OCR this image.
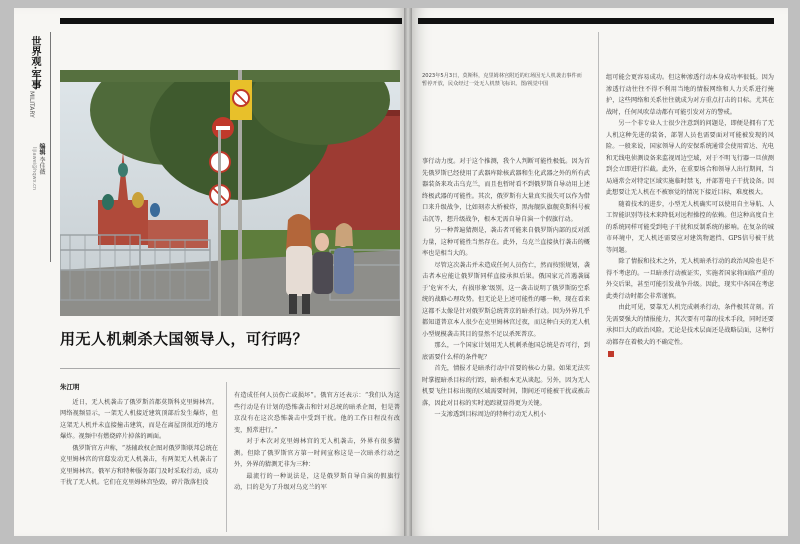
世界观·军事
MILITARY
编辑 李佳薇
lijiawei@hqwx.cn
用无人机刺杀大国领导人，可行吗？
朱江明

近日，无人机袭击了俄罗斯首都莫斯科克里姆林宫。网络视频显示，一架无人机接近建筑顶部后发生爆炸，但这架无人机并未直接撞击建筑，而是在离屋顶很近的地方爆炸。视频中有燃烧碎片掉落的画面。

俄罗斯官方声称，“基辅政权企图对俄罗斯联邦总统在克里姆林宫的官邸发动无人机袭击，有两架无人机袭击了克里姆林宫。俄军方和特种服务部门及时采取行动，成功干扰了无人机。它们在克里姆林宫坠毁，碎片散落但没

有造成任何人员伤亡或损坏”。俄官方还表示：“我们认为这些行动是有计划的恐怖袭击和针对总统的暗杀企图，但是普京没有在这次恐怖袭击中受到干扰。他的工作日程没有改变，照常进行。”

对于本次对克里姆林宫的无人机袭击，外界有很多猜测。但除了俄罗斯官方第一时间宣称这是一次暗杀行动之外，外界的猜测无非为三种：

最流行的一种说法是，这是俄罗斯自导自演的假旗行动，目的是为了升级对乌克兰的军

2023年5月3日，莫斯科，克里姆林宫附近的红场因无人机袭击事件而暂停开放，民众经过一处无人机禁飞标识。图/视觉中国

事行动力度。对于这个推测，我个人判断可能性极低。因为首先俄罗斯已经使用了武器库除核武器和生化武器之外的所有武器装备来攻击乌克兰，而且也暂时看不到俄罗斯自导动用上述终极武器的可能性。其次，俄罗斯有大量真实损失可以作为借口来升级战争，比如刻赤大桥被炸，黑海舰队旗舰莫斯科号被击沉等，想升级战争，根本无需自导自演一个假旗行动。

另一种普遍猜测是，袭击者可能来自俄罗斯内部的反对派力量，这种可能性当然存在。此外，乌克兰直接执行袭击的概率也是相当大的。

尽管这次袭击并未造成任何人员伤亡，然而按照规划，袭击者本应能让俄罗斯同样直接承担后果。俄国家元首遇袭属于‘危害不大，有损形象’级别，这一袭击说明了俄罗斯防空系统的战略心理攻势。但无论是上述可能性的哪一种，现在看来这都不太像是针对俄罗斯总统普京的暗杀行动。因为外界几乎都知道普京本人很少在克里姆林宫过夜，而这种白天的无人机小型规模袭击其目的显然不足以杀死普京。

那么，一个国家计划用无人机刺杀他国总统是否可行，到底需要什么样的条件呢？

首先，情报才是暗杀行动中首要的核心力量。如果无法实时掌握暗杀目标的行踪，暗杀根本无从谈起。另外，因为无人机要飞往目标出现的区域需要时间，期间还可能被干扰或被击落，因此对目标的实时追踪就显得更为关键。

一支渗透到目标周边的特种行动无人机小

组可能会更容易成功。但这种渗透行动本身成功率很低。因为渗透行动往往不得不利用当地的情报网络和人力关系进行掩护，这些网络和关系往往就成为对方重点打击的目标。尤其在战时，任何风吹草动都有可能引发对方的警戒。

另一个非专业人士很少注意到的问题是，即便是拥有了无人机这种先进的装备，部署人员也需要面对可能被发现的风险。一般来说，国家领导人的安保系统通常会使用雷达、光电和无线电侦测设备来监视周边空域，对于不明飞行器一旦侦测到会立即进行拦截。此外，在重要场合和领导人出行期间，当局通常会对特定区域实施临时禁飞，并部署电子干扰设备。因此想要让无人机在不被察觉的情况下接近目标，难度极大。

随着技术的进步，小型无人机确实可以使用自主导航、人工智能识别等技术来降低对远程操控的依赖。但这种高度自主的系统同样可能受到电子干扰和反制系统的影响。在复杂的城市环境中，无人机还需要应对建筑物遮挡、GPS信号被干扰等问题。

除了情报和技术之外，无人机暗杀行动的政治风险也是不得不考虑的。一旦暗杀行动被证实，实施者国家将面临严重的外交后果，甚至可能引发战争升级。因此，现实中各国在考虑此类行动时都会非常谨慎。

由此可见，要靠无人机完成刺杀行动，条件极其苛刻。首先需要强大的情报能力，其次要有可靠的技术手段，同时还要承担巨大的政治风险。无论是技术层面还是战略层面，这种行动都存在着极大的不确定性。
